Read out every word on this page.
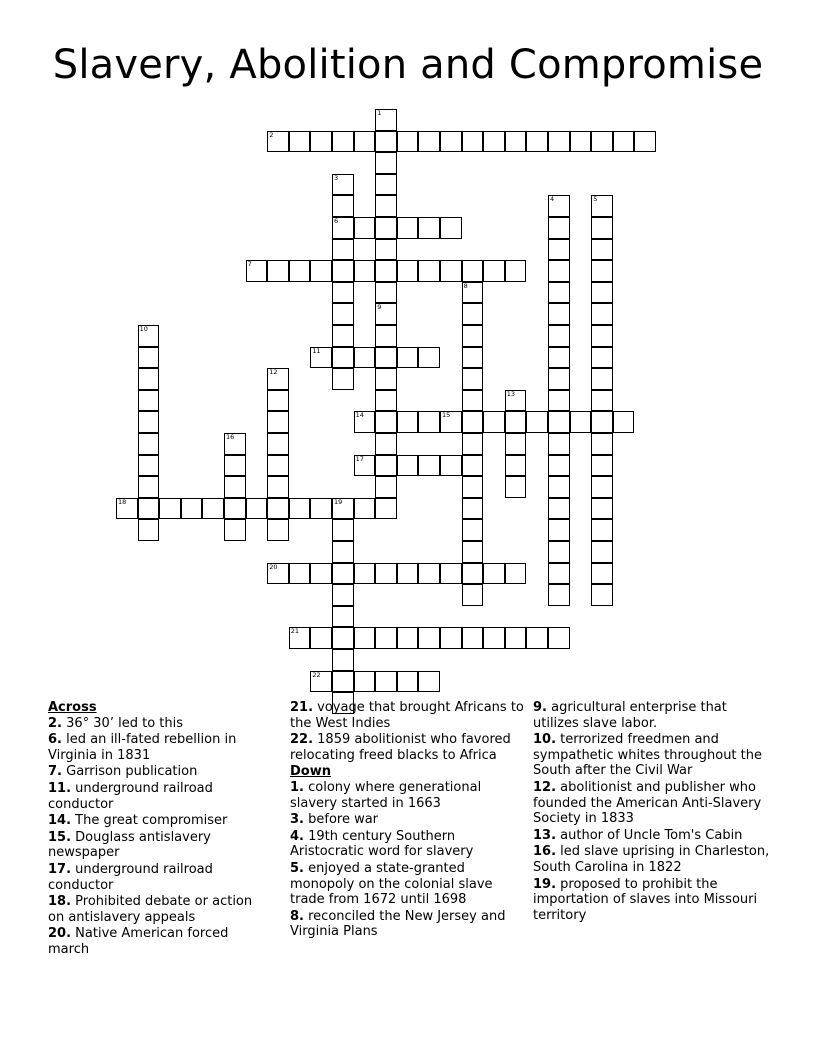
Slavery, Abolition and Compromise
1
9
2
3
6
4	5
7
8
10
11
12
13
14	15
16
17
18	19
20
21
22
Across
2. 36° 30’ led to this
6. led an ill-fated rebellion in Virginia in 1831
7. Garrison publication
11. underground railroad conductor
14. The great compromiser
15. Douglass antislavery newspaper
17. underground railroad conductor
18. Prohibited debate or action on antislavery appeals
20. Native American forced march
21. voyage that brought Africans to the West Indies
22. 1859 abolitionist who favored relocating freed blacks to Africa
Down
1. colony where generational slavery started in 1663
3. before war
4. 19th century Southern Aristocratic word for slavery
5. enjoyed a state-granted monopoly on the colonial slave trade from 1672 until 1698
8. reconciled the New Jersey and Virginia Plans
9. agricultural enterprise that utilizes slave labor.
10. terrorized freedmen and sympathetic whites throughout the South after the Civil War
12. abolitionist and publisher who founded the American Anti-Slavery Society in 1833
13. author of Uncle Tom's Cabin
16. led slave uprising in Charleston, South Carolina in 1822
19. proposed to prohibit the importation of slaves into Missouri territory
